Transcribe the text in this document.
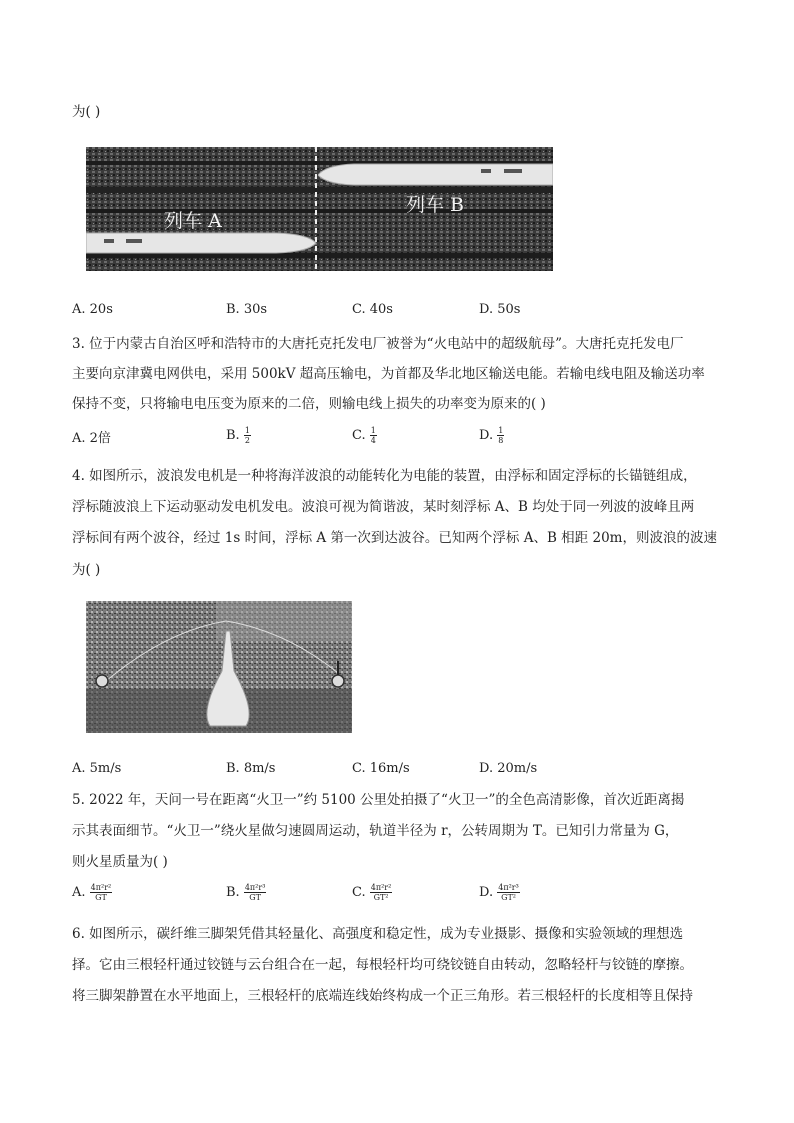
为( )
列车 A
列车 B
A. 20s	B. 30s	C. 40s	D. 50s
3. 位于内蒙古自治区呼和浩特市的大唐托克托发电厂被誉为“火电站中的超级航母”。大唐托克托发电厂
主要向京津冀电网供电，采用 500kV 超高压输电，为首都及华北地区输送电能。若输电线电阻及输送功率
保持不变，只将输电电压变为原来的二倍，则输电线上损失的功率变为原来的( )
A. 2倍	B. $\frac{1}{2}$	C. $\frac{1}{4}$	D. $\frac{1}{8}$
4. 如图所示，波浪发电机是一种将海洋波浪的动能转化为电能的装置，由浮标和固定浮标的长锚链组成，
浮标随波浪上下运动驱动发电机发电。波浪可视为简谐波，某时刻浮标 A、B 均处于同一列波的波峰且两
浮标间有两个波谷，经过 1s 时间，浮标 A 第一次到达波谷。已知两个浮标 A、B 相距 20m，则波浪的波速
为( )
A. 5m/s	B. 8m/s	C. 16m/s	D. 20m/s
5. 2022 年，天问一号在距离“火卫一”约 5100 公里处拍摄了“火卫一”的全色高清影像，首次近距离揭
示其表面细节。“火卫一”绕火星做匀速圆周运动，轨道半径为 r，公转周期为 T。已知引力常量为 G，
则火星质量为( )
A. $\frac{\text{4π²r²}}{GT}$	B. $\frac{\text{4π²r³}}{GT}$	C. $\frac{\text{4π²r²}}{\text{GT²}}$	D. $\frac{\text{4π²r³}}{\text{GT²}}$
6. 如图所示，碳纤维三脚架凭借其轻量化、高强度和稳定性，成为专业摄影、摄像和实验领域的理想选
择。它由三根轻杆通过铰链与云台组合在一起，每根轻杆均可绕铰链自由转动，忽略轻杆与铰链的摩擦。
将三脚架静置在水平地面上，三根轻杆的底端连线始终构成一个正三角形。若三根轻杆的长度相等且保持
